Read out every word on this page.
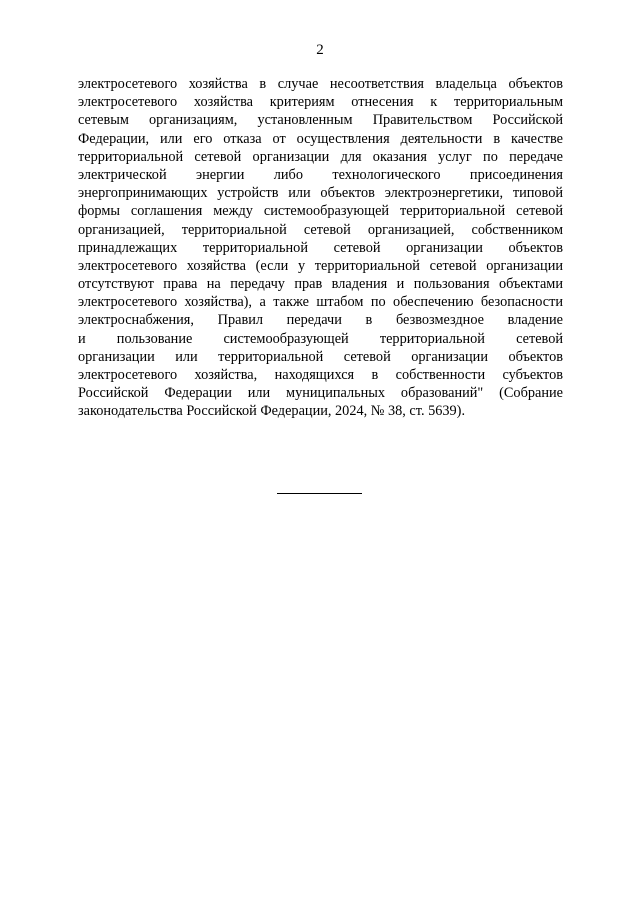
2
электросетевого хозяйства в случае несоответствия владельца объектов
электросетевого хозяйства критериям отнесения к территориальным
сетевым организациям, установленным Правительством Российской
Федерации, или его отказа от осуществления деятельности в качестве
территориальной сетевой организации для оказания услуг по передаче
электрической энергии либо технологического присоединения
энергопринимающих устройств или объектов электроэнергетики, типовой
формы соглашения между системообразующей территориальной сетевой
организацией, территориальной сетевой организацией, собственником
принадлежащих территориальной сетевой организации объектов
электросетевого хозяйства (если у территориальной сетевой организации
отсутствуют права на передачу прав владения и пользования объектами
электросетевого хозяйства), а также штабом по обеспечению безопасности
электроснабжения, Правил передачи в безвозмездное владение
и пользование системообразующей территориальной сетевой
организации или территориальной сетевой организации объектов
электросетевого хозяйства, находящихся в собственности субъектов
Российской Федерации или муниципальных образований" (Собрание
законодательства Российской Федерации, 2024, № 38, ст. 5639).
